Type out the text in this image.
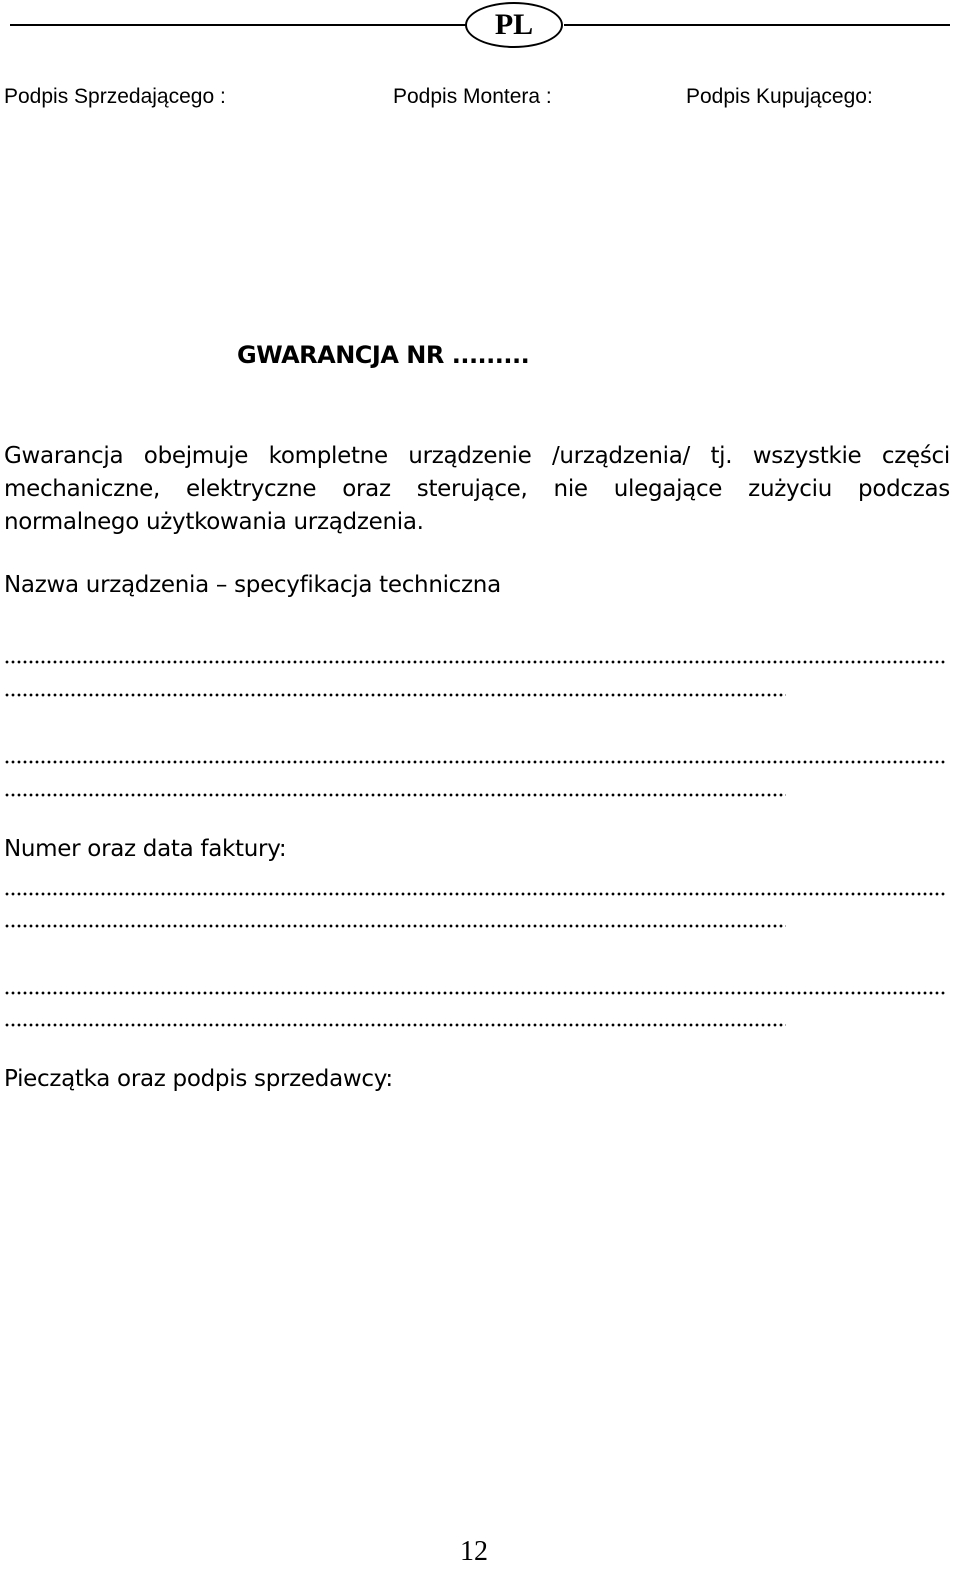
PL
Podpis Sprzedającego :	Podpis Montera :	Podpis Kupującego:
GWARANCJA NR .........
Gwarancja obejmuje kompletne urządzenie /urządzenia/ tj. wszystkie części mechaniczne, elektryczne oraz sterujące, nie ulegające zużyciu podczas normalnego użytkowania urządzenia.
Nazwa urządzenia – specyfikacja techniczna
Numer oraz data faktury:
Pieczątka oraz podpis sprzedawcy:
12
